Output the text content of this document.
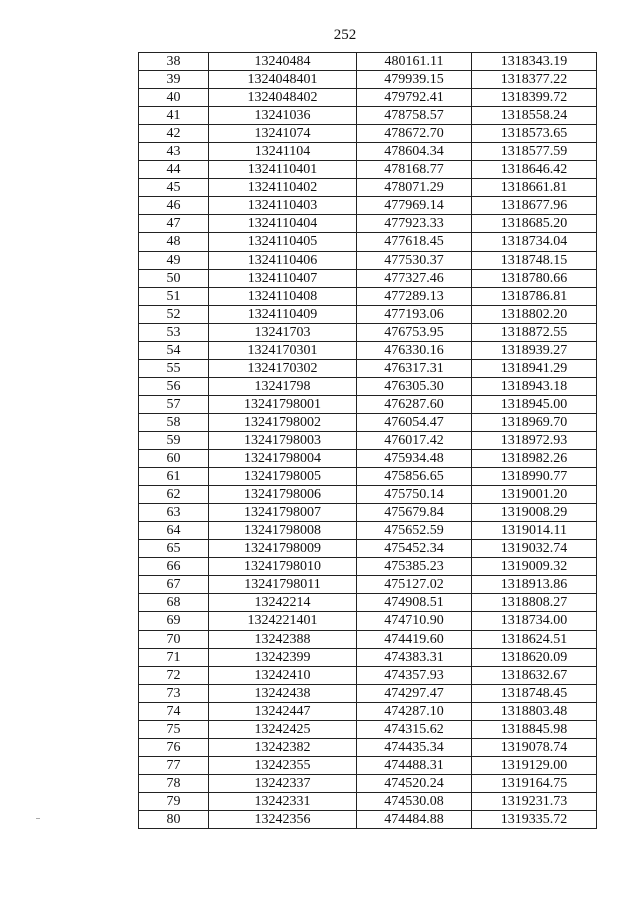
252
38	13240484	480161.11	1318343.19
39	1324048401	479939.15	1318377.22
40	1324048402	479792.41	1318399.72
41	13241036	478758.57	1318558.24
42	13241074	478672.70	1318573.65
43	13241104	478604.34	1318577.59
44	1324110401	478168.77	1318646.42
45	1324110402	478071.29	1318661.81
46	1324110403	477969.14	1318677.96
47	1324110404	477923.33	1318685.20
48	1324110405	477618.45	1318734.04
49	1324110406	477530.37	1318748.15
50	1324110407	477327.46	1318780.66
51	1324110408	477289.13	1318786.81
52	1324110409	477193.06	1318802.20
53	13241703	476753.95	1318872.55
54	1324170301	476330.16	1318939.27
55	1324170302	476317.31	1318941.29
56	13241798	476305.30	1318943.18
57	13241798001	476287.60	1318945.00
58	13241798002	476054.47	1318969.70
59	13241798003	476017.42	1318972.93
60	13241798004	475934.48	1318982.26
61	13241798005	475856.65	1318990.77
62	13241798006	475750.14	1319001.20
63	13241798007	475679.84	1319008.29
64	13241798008	475652.59	1319014.11
65	13241798009	475452.34	1319032.74
66	13241798010	475385.23	1319009.32
67	13241798011	475127.02	1318913.86
68	13242214	474908.51	1318808.27
69	1324221401	474710.90	1318734.00
70	13242388	474419.60	1318624.51
71	13242399	474383.31	1318620.09
72	13242410	474357.93	1318632.67
73	13242438	474297.47	1318748.45
74	13242447	474287.10	1318803.48
75	13242425	474315.62	1318845.98
76	13242382	474435.34	1319078.74
77	13242355	474488.31	1319129.00
78	13242337	474520.24	1319164.75
79	13242331	474530.08	1319231.73
80	13242356	474484.88	1319335.72
